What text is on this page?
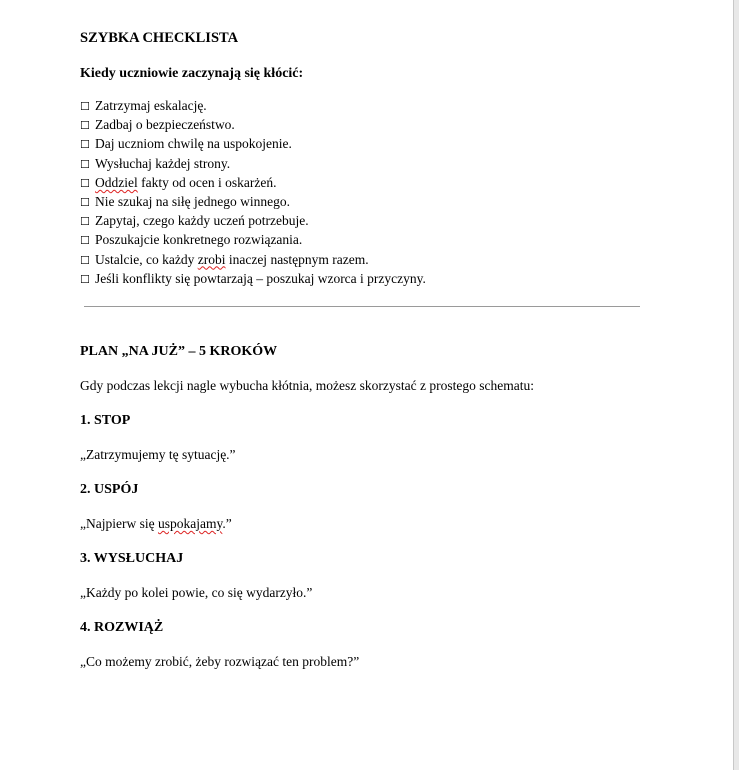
SZYBKA CHECKLISTA

Kiedy uczniowie zaczynają się kłócić:

☐ Zatrzymaj eskalację.
☐ Zadbaj o bezpieczeństwo.
☐ Daj uczniom chwilę na uspokojenie.
☐ Wysłuchaj każdej strony.
☐ Oddziel fakty od ocen i oskarżeń.
☐ Nie szukaj na siłę jednego winnego.
☐ Zapytaj, czego każdy uczeń potrzebuje.
☐ Poszukajcie konkretnego rozwiązania.
☐ Ustalcie, co każdy zrobi inaczej następnym razem.
☐ Jeśli konflikty się powtarzają – poszukaj wzorca i przyczyny.

PLAN „NA JUŻ” – 5 KROKÓW

Gdy podczas lekcji nagle wybucha kłótnia, możesz skorzystać z prostego schematu:

1. STOP

„Zatrzymujemy tę sytuację.”

2. USPÓJ

„Najpierw się uspokajamy.”

3. WYSŁUCHAJ

„Każdy po kolei powie, co się wydarzyło.”

4. ROZWIĄŻ

„Co możemy zrobić, żeby rozwiązać ten problem?”
